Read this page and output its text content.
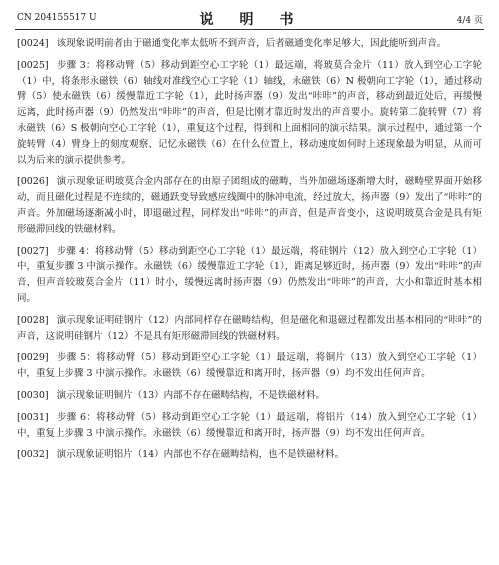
CN 204155517 U	说　明　书	4/4 页

[0024] 该现象说明前者由于磁通变化率太低听不到声音，后者磁通变化率足够大，因此能听到声音。

[0025] 步骤 3：将移动臂（5）移动到距空心工字轮（1）最远端，将玻莫合金片（11）放入到空心工字轮（1）中，将条形永磁铁（6）轴线对准线空心工字轮（1）轴线，永磁铁（6）N 极朝向工字轮（1），通过移动臂（5）使永磁铁（6）缓慢靠近工字轮（1），此时扬声器（9）发出“咔咔”的声音，移动到最近处后，再缓慢远离，此时扬声器（9）仍然发出“咔咔”的声音，但是比刚才靠近时发出的声音要小。旋转第二旋转臂（7）将永磁铁（6）S 极朝向空心工字轮（1），重复这个过程，得到和上面相同的演示结果。演示过程中，通过第一个旋转臂（4）臂身上的刻度观察、记忆永磁铁（6）在什么位置上，移动速度如何时上述现象最为明显，从而可以为后来的演示提供参考。

[0026] 演示现象证明玻莫合金内部存在的由原子团组成的磁畴，当外加磁场逐渐增大时，磁畴壁界面开始移动，而且磁化过程是不连续的，磁通跃变导致感应线圈中的脉冲电流，经过放大，扬声器（9）发出了“咔咔”的声音。外加磁场逐渐减小时，即退磁过程，同样发出“咔咔”的声音，但是声音变小，这说明玻莫合金是具有矩形磁滞回线的铁磁材料。

[0027] 步骤 4：将移动臂（5）移动到距空心工字轮（1）最远端，将硅钢片（12）放入到空心工字轮（1）中，重复步骤 3 中演示操作。永磁铁（6）缓慢靠近工字轮（1），距离足够近时，扬声器（9）发出“咔咔”的声音，但声音较玻莫合金片（11）时小，缓慢远离时扬声器（9）仍然发出“咔咔”的声音，大小和靠近时基本相同。

[0028] 演示现象证明硅钢片（12）内部同样存在磁畴结构，但是磁化和退磁过程都发出基本相同的“咔咔”的声音，这说明硅钢片（12）不是具有矩形磁滞回线的铁磁材料。

[0029] 步骤 5：将移动臂（5）移动到距空心工字轮（1）最远端，将铜片（13）放入到空心工字轮（1）中，重复上步骤 3 中演示操作。永磁铁（6）缓慢靠近和离开时，扬声器（9）均不发出任何声音。

[0030] 演示现象证明铜片（13）内部不存在磁畴结构，不是铁磁材料。

[0031] 步骤 6：将移动臂（5）移动到距空心工字轮（1）最远端，将铝片（14）放入到空心工字轮（1）中，重复上步骤 3 中演示操作。永磁铁（6）缓慢靠近和离开时，扬声器（9）均不发出任何声音。

[0032] 演示现象证明铝片（14）内部也不存在磁畴结构，也不是铁磁材料。
